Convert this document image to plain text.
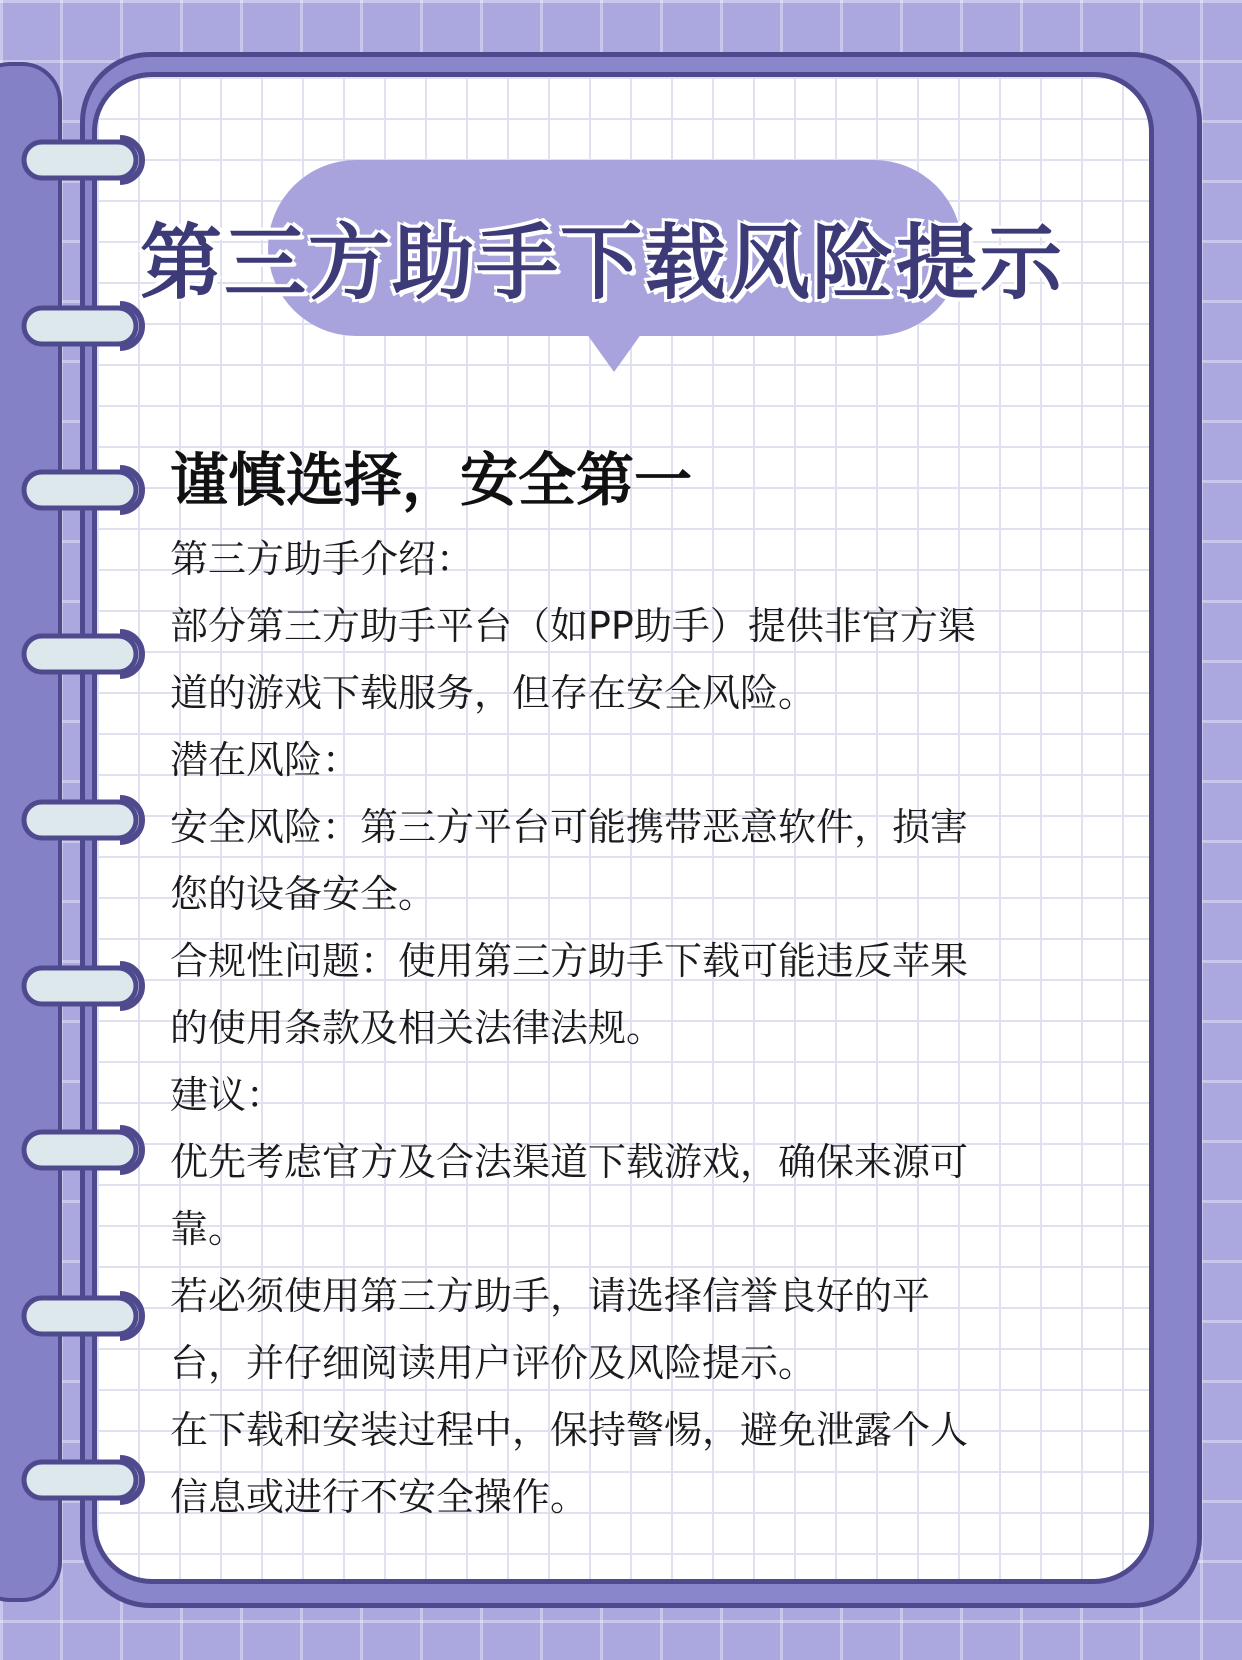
第三方助手下载风险提示
谨慎选择，安全第一
第三方助手介绍：
部分第三方助手平台（如PP助手）提供非官方渠
道的游戏下载服务，但存在安全风险。
潜在风险：
安全风险：第三方平台可能携带恶意软件，损害
您的设备安全。
合规性问题：使用第三方助手下载可能违反苹果
的使用条款及相关法律法规。
建议：
优先考虑官方及合法渠道下载游戏，确保来源可
靠。
若必须使用第三方助手，请选择信誉良好的平
台，并仔细阅读用户评价及风险提示。
在下载和安装过程中，保持警惕，避免泄露个人
信息或进行不安全操作。
